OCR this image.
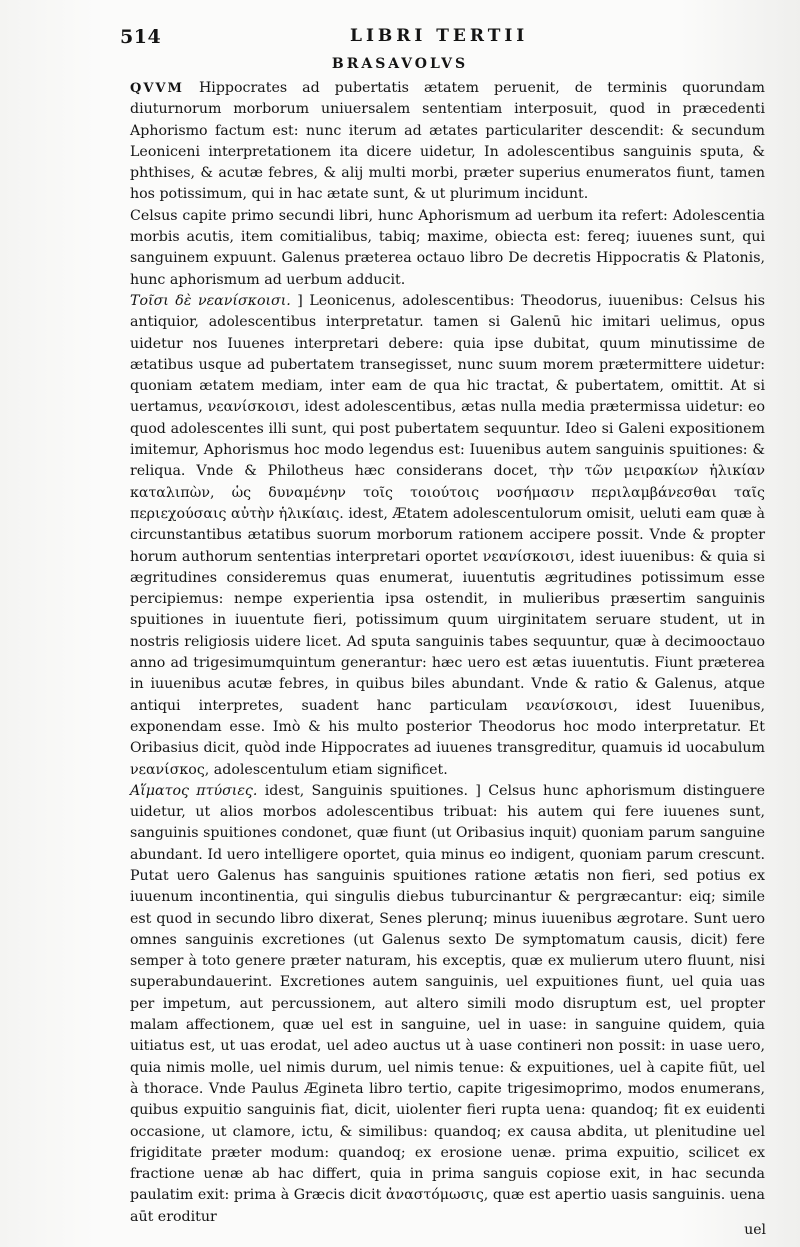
514	LIBRI TERTII
BRASAVOLVS

QVVM Hippocrates ad pubertatis ætatem peruenit, de terminis quorundam diuturnorum morborum uniuersalem sententiam interposuit, quod in præcedenti Aphorismo factum est: nunc iterum ad ætates particulariter descendit: & secundum Leoniceni interpretationem ita dicere uidetur, In adolescentibus sanguinis sputa, & phthises, & acutæ febres, & alij multi morbi, præter superius enumeratos fiunt, tamen hos potissimum, qui in hac ætate sunt, & ut plurimum incidunt.

Celsus capite primo secundi libri, hunc Aphorismum ad uerbum ita refert: Adolescentia morbis acutis, item comitialibus, tabiq; maxime, obiecta est: fereq; iuuenes sunt, qui sanguinem expuunt. Galenus præterea octauo libro De decretis Hippocratis & Platonis, hunc aphorismum ad uerbum adducit.

Τοῖσι δὲ νεανίσκοισι. ] Leonicenus, adolescentibus: Theodorus, iuuenibus: Celsus his antiquior, adolescentibus interpretatur. tamen si Galenū hic imitari uelimus, opus uidetur nos Iuuenes interpretari debere: quia ipse dubitat, quum minutissime de ætatibus usque ad pubertatem transegisset, nunc suum morem prætermittere uidetur: quoniam ætatem mediam, inter eam de qua hic tractat, & pubertatem, omittit. At si uertamus, νεανίσκοισι, idest adolescentibus, ætas nulla media prætermissa uidetur: eo quod adolescentes illi sunt, qui post pubertatem sequuntur. Ideo si Galeni expositionem imitemur, Aphorismus hoc modo legendus est: Iuuenibus autem sanguinis spuitiones: & reliqua. Vnde & Philotheus hæc considerans docet, τὴν τῶν μειρακίων ἡλικίαν καταλιπὼν, ὡς δυναμένην τοῖς τοιούτοις νοσήμασιν περιλαμβάνεσθαι ταῖς περιεχούσαις αὐτὴν ἡλικίαις. idest, Ætatem adolescentulorum omisit, ueluti eam quæ à circunstantibus ætatibus suorum morborum rationem accipere possit. Vnde & propter horum authorum sententias interpretari oportet νεανίσκοισι, idest iuuenibus: & quia si ægritudines consideremus quas enumerat, iuuentutis ægritudines potissimum esse percipiemus: nempe experientia ipsa ostendit, in mulieribus præsertim sanguinis spuitiones in iuuentute fieri, potissimum quum uirginitatem seruare student, ut in nostris religiosis uidere licet. Ad sputa sanguinis tabes sequuntur, quæ à decimooctauo anno ad trigesimumquintum generantur: hæc uero est ætas iuuentutis. Fiunt præterea in iuuenibus acutæ febres, in quibus biles abundant. Vnde & ratio & Galenus, atque antiqui interpretes, suadent hanc particulam νεανίσκοισι, idest Iuuenibus, exponendam esse. Imò & his multo posterior Theodorus hoc modo interpretatur. Et Oribasius dicit, quòd inde Hippocrates ad iuuenes transgreditur, quamuis id uocabulum νεανίσκος, adolescentulum etiam significet.

Αἵματος πτύσιες. idest, Sanguinis spuitiones. ] Celsus hunc aphorismum distinguere uidetur, ut alios morbos adolescentibus tribuat: his autem qui fere iuuenes sunt, sanguinis spuitiones condonet, quæ fiunt (ut Oribasius inquit) quoniam parum sanguine abundant. Id uero intelligere oportet, quia minus eo indigent, quoniam parum crescunt. Putat uero Galenus has sanguinis spuitiones ratione ætatis non fieri, sed potius ex iuuenum incontinentia, qui singulis diebus tuburcinantur & pergræcantur: eiq; simile est quod in secundo libro dixerat, Senes plerunq; minus iuuenibus ægrotare. Sunt uero omnes sanguinis excretiones (ut Galenus sexto De symptomatum causis, dicit) fere semper à toto genere præter naturam, his exceptis, quæ ex mulierum utero fluunt, nisi superabundauerint. Excretiones autem sanguinis, uel expuitiones fiunt, uel quia uas per impetum, aut percussionem, aut altero simili modo disruptum est, uel propter malam affectionem, quæ uel est in sanguine, uel in uase: in sanguine quidem, quia uitiatus est, ut uas erodat, uel adeo auctus ut à uase contineri non possit: in uase uero, quia nimis molle, uel nimis durum, uel nimis tenue: & expuitiones, uel à capite fiūt, uel à thorace. Vnde Paulus Ægineta libro tertio, capite trigesimoprimo, modos enumerans, quibus expuitio sanguinis fiat, dicit, uiolenter fieri rupta uena: quandoq; fit ex euidenti occasione, ut clamore, ictu, & similibus: quandoq; ex causa abdita, ut plenitudine uel frigiditate præter modum: quandoq; ex erosione uenæ. prima expuitio, scilicet ex fractione uenæ ab hac differt, quia in prima sanguis copiose exit, in hac secunda paulatim exit: prima à Græcis dicit ἀναστόμωσις, quæ est apertio uasis sanguinis. uena aūt eroditur

uel
